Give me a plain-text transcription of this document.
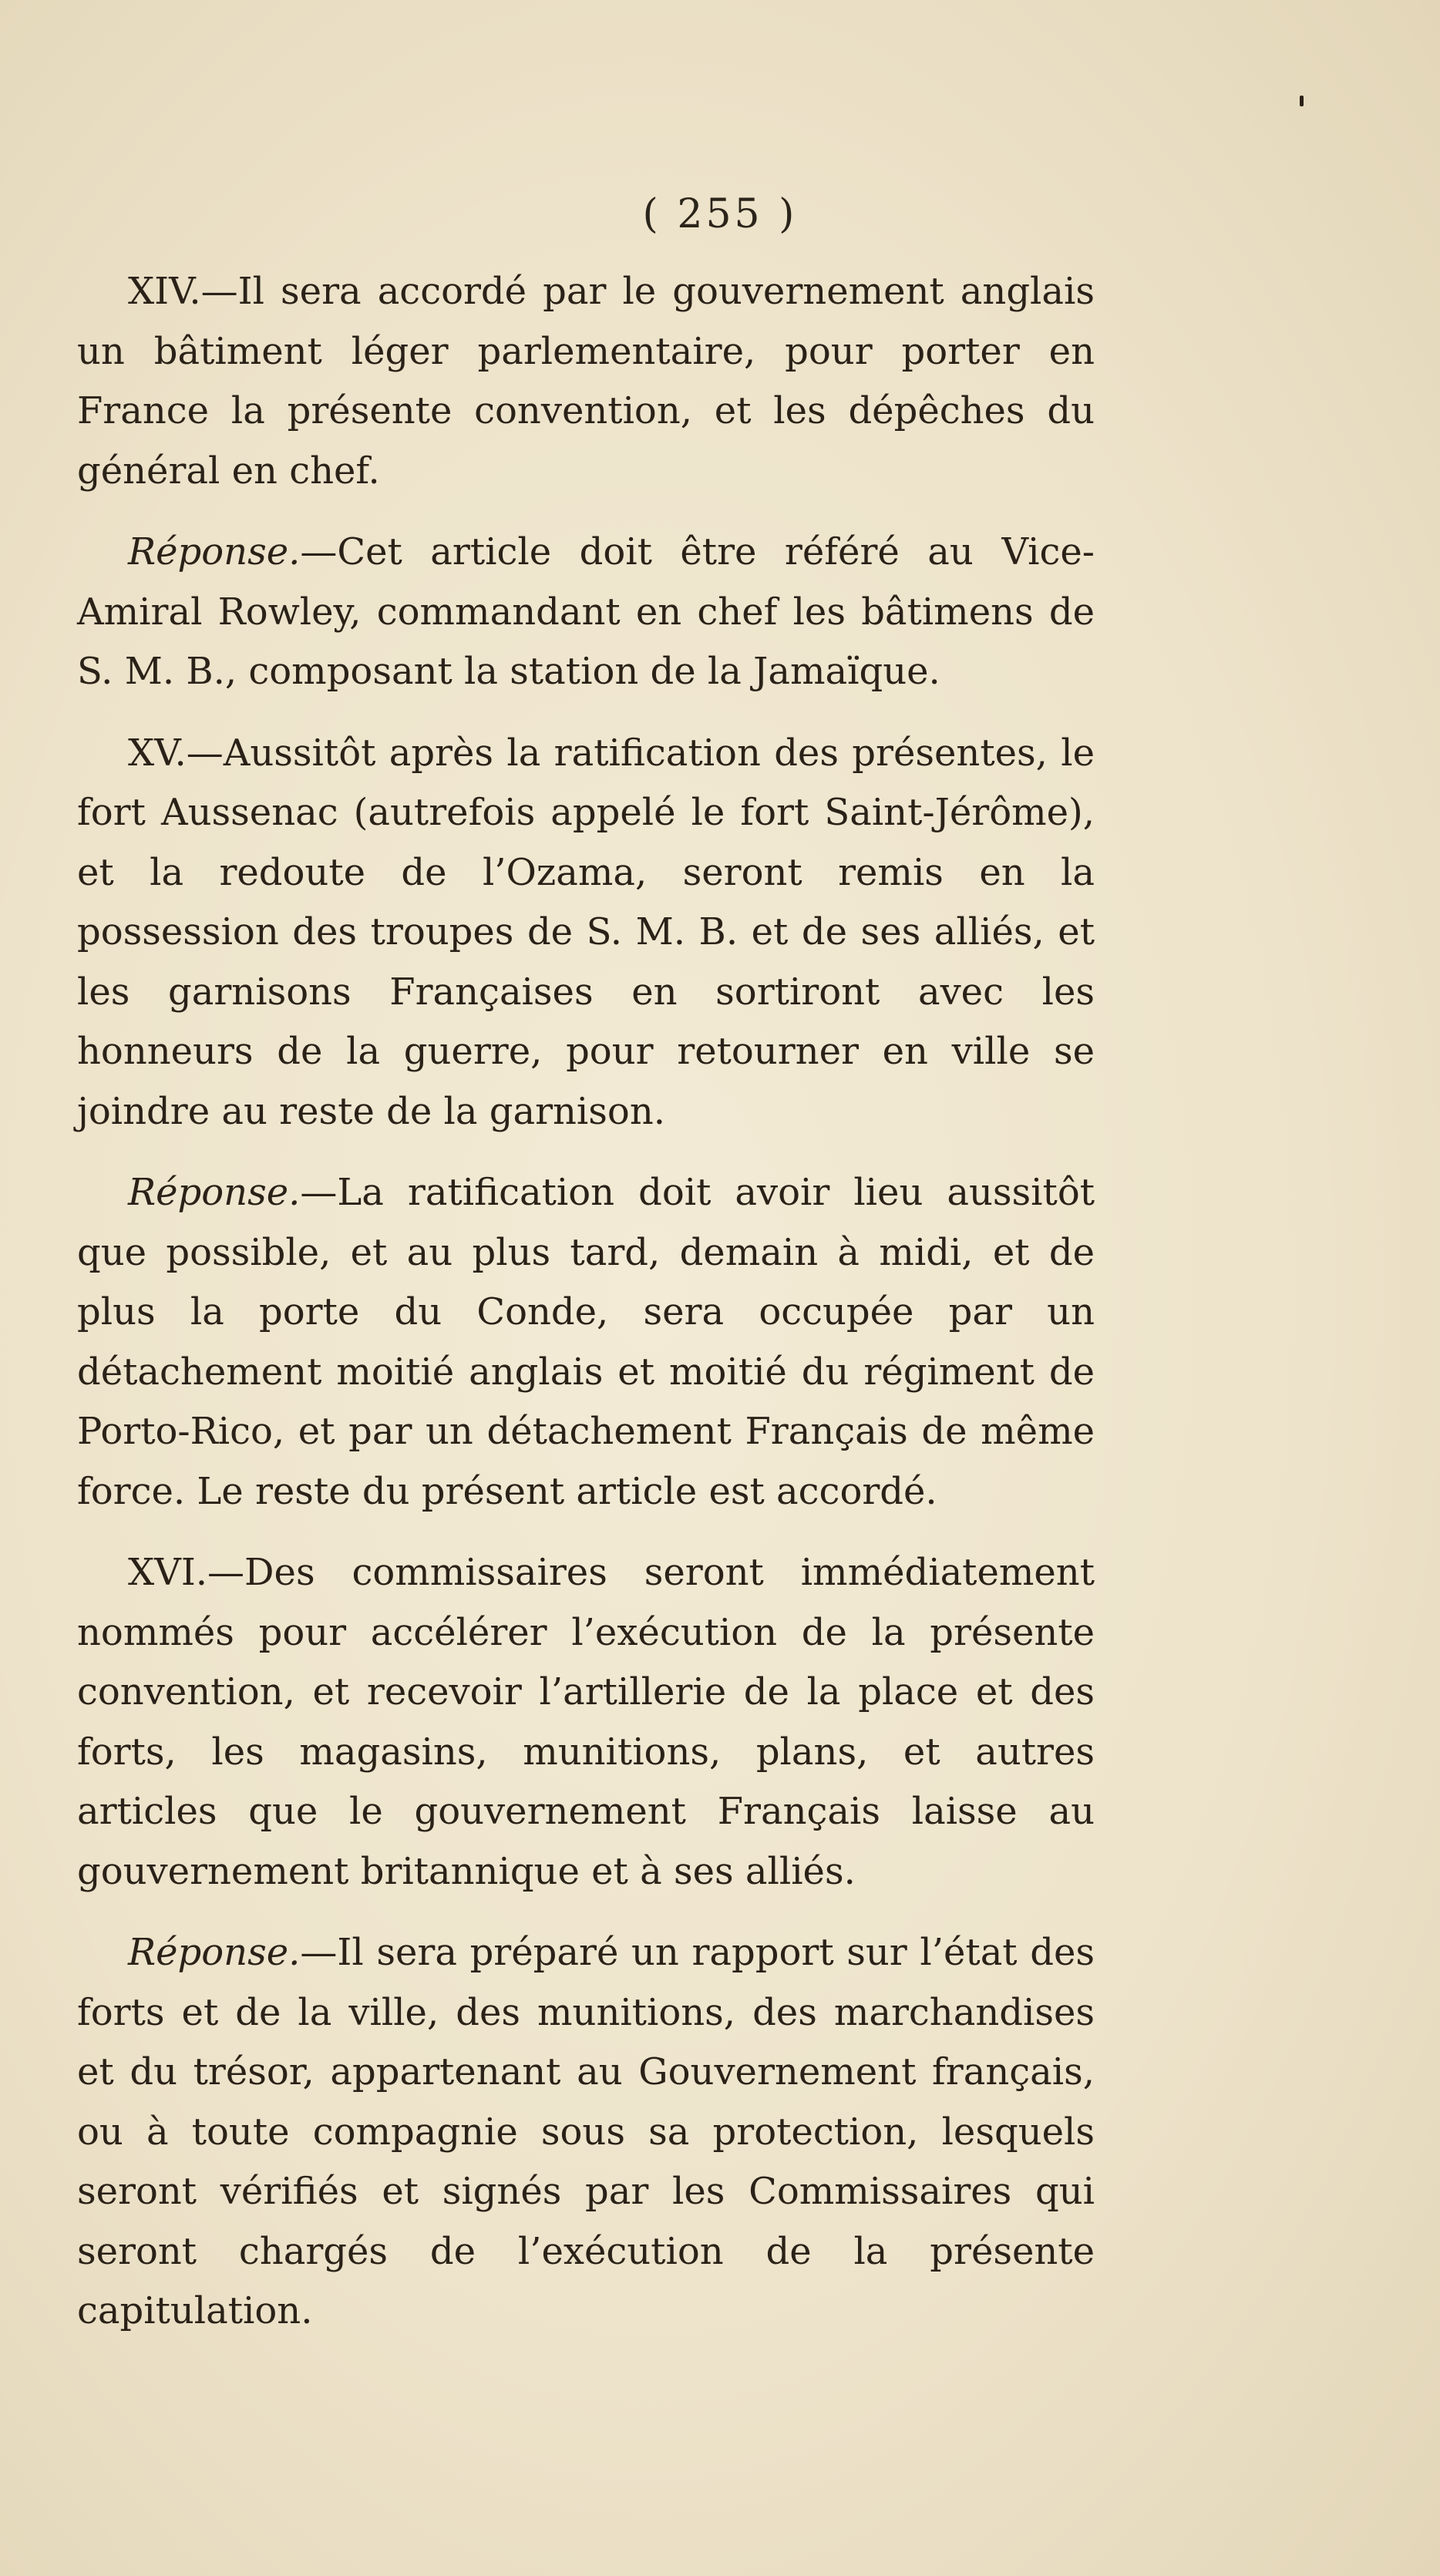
( 255 )

XIV.—Il sera accordé par le gouvernement anglais un bâtiment léger parlementaire, pour porter en France la présente convention, et les dépêches du général en chef.

Réponse.—Cet article doit être référé au Vice-Amiral Rowley, commandant en chef les bâtimens de S. M. B., composant la station de la Jamaïque.

XV.—Aussitôt après la ratification des présentes, le fort Aussenac (autrefois appelé le fort Saint-Jérôme), et la redoute de l’Ozama, seront remis en la possession des troupes de S. M. B. et de ses alliés, et les garnisons Françaises en sortiront avec les honneurs de la guerre, pour retourner en ville se joindre au reste de la garnison.

Réponse.—La ratification doit avoir lieu aussitôt que possible, et au plus tard, demain à midi, et de plus la porte du Conde, sera occupée par un détachement moitié anglais et moitié du régiment de Porto-Rico, et par un détachement Français de même force. Le reste du présent article est accordé.

XVI.—Des commissaires seront immédiatement nommés pour accélérer l’exécution de la présente convention, et recevoir l’artillerie de la place et des forts, les magasins, munitions, plans, et autres articles que le gouvernement Français laisse au gouvernement britannique et à ses alliés.

Réponse.—Il sera préparé un rapport sur l’état des forts et de la ville, des munitions, des marchandises et du trésor, appartenant au Gouvernement français, ou à toute compagnie sous sa protection, lesquels seront vérifiés et signés par les Commissaires qui seront chargés de l’exécution de la présente capitulation.
